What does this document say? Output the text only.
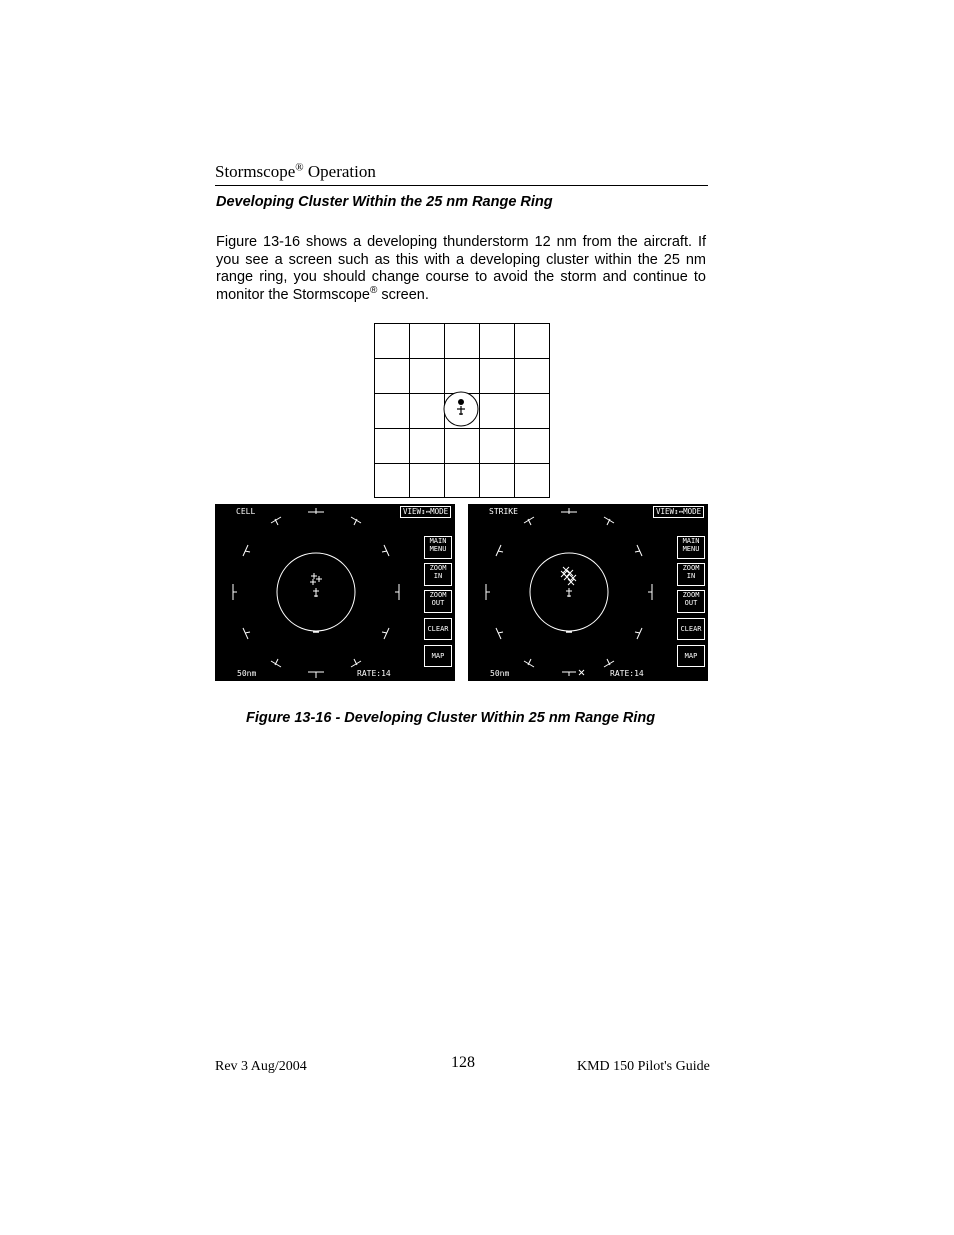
Stormscope® Operation
Developing Cluster Within the 25 nm Range Ring
Figure 13-16 shows a developing thunderstorm 12 nm from the aircraft. If you see a screen such as this with a developing cluster within the 25 nm range ring, you should change course to avoid the storm and continue to monitor the Stormscope® screen.
CELL	VIEW↕↔MODE
MAIN
MENU
ZOOM
IN
ZOOM
OUT
CLEAR
MAP
50nm	RATE:14
STRIKE	VIEW↕↔MODE
MAIN
MENU
ZOOM
IN
ZOOM
OUT
CLEAR
MAP
50nm	RATE:14
Figure 13-16 - Developing Cluster Within 25 nm Range Ring
Rev 3 Aug/2004	128	KMD 150 Pilot's Guide
